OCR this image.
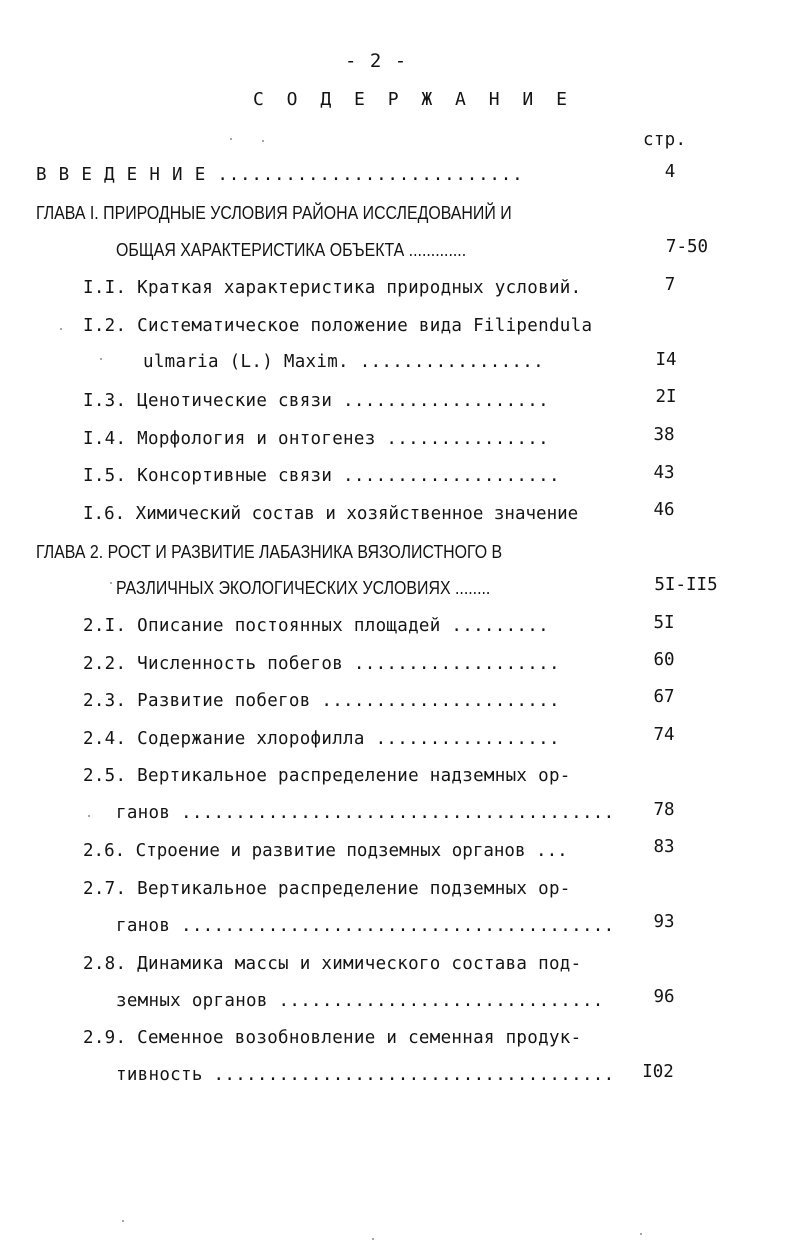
- 2 -
С О Д Е Р Ж А Н И Е
стр.
В В Е Д Е Н И Е ...........................	4
ГЛАВА I. ПРИРОДНЫЕ УСЛОВИЯ РАЙОНА ИССЛЕДОВАНИЙ И
ОБЩАЯ ХАРАКТЕРИСТИКА ОБЪЕКТА .............	7-50
I.I. Краткая характеристика природных условий.	7
I.2. Систематическое положение вида Filipendula
ulmaria (L.) Maxim. .................	I4
I.3. Ценотические связи ...................	2I
I.4. Морфология и онтогенез ...............	38
I.5. Консортивные связи ....................	43
I.6. Химический состав и хозяйственное значение	46
ГЛАВА 2. РОСТ И РАЗВИТИЕ ЛАБАЗНИКА ВЯЗОЛИСТНОГО В
РАЗЛИЧНЫХ ЭКОЛОГИЧЕСКИХ УСЛОВИЯХ ........	5I-II5
2.I. Описание постоянных площадей .........	5I
2.2. Численность побегов ...................	60
2.3. Развитие побегов ......................	67
2.4. Содержание хлорофилла .................	74
2.5. Вертикальное распределение надземных ор-
ганов ........................................	78
2.6. Строение и развитие подземных органов ...	83
2.7. Вертикальное распределение подземных ор-
ганов ........................................	93
2.8. Динамика массы и химического состава под-
земных органов ..............................	96
2.9. Семенное возобновление и семенная продук-
тивность .....................................	I02
